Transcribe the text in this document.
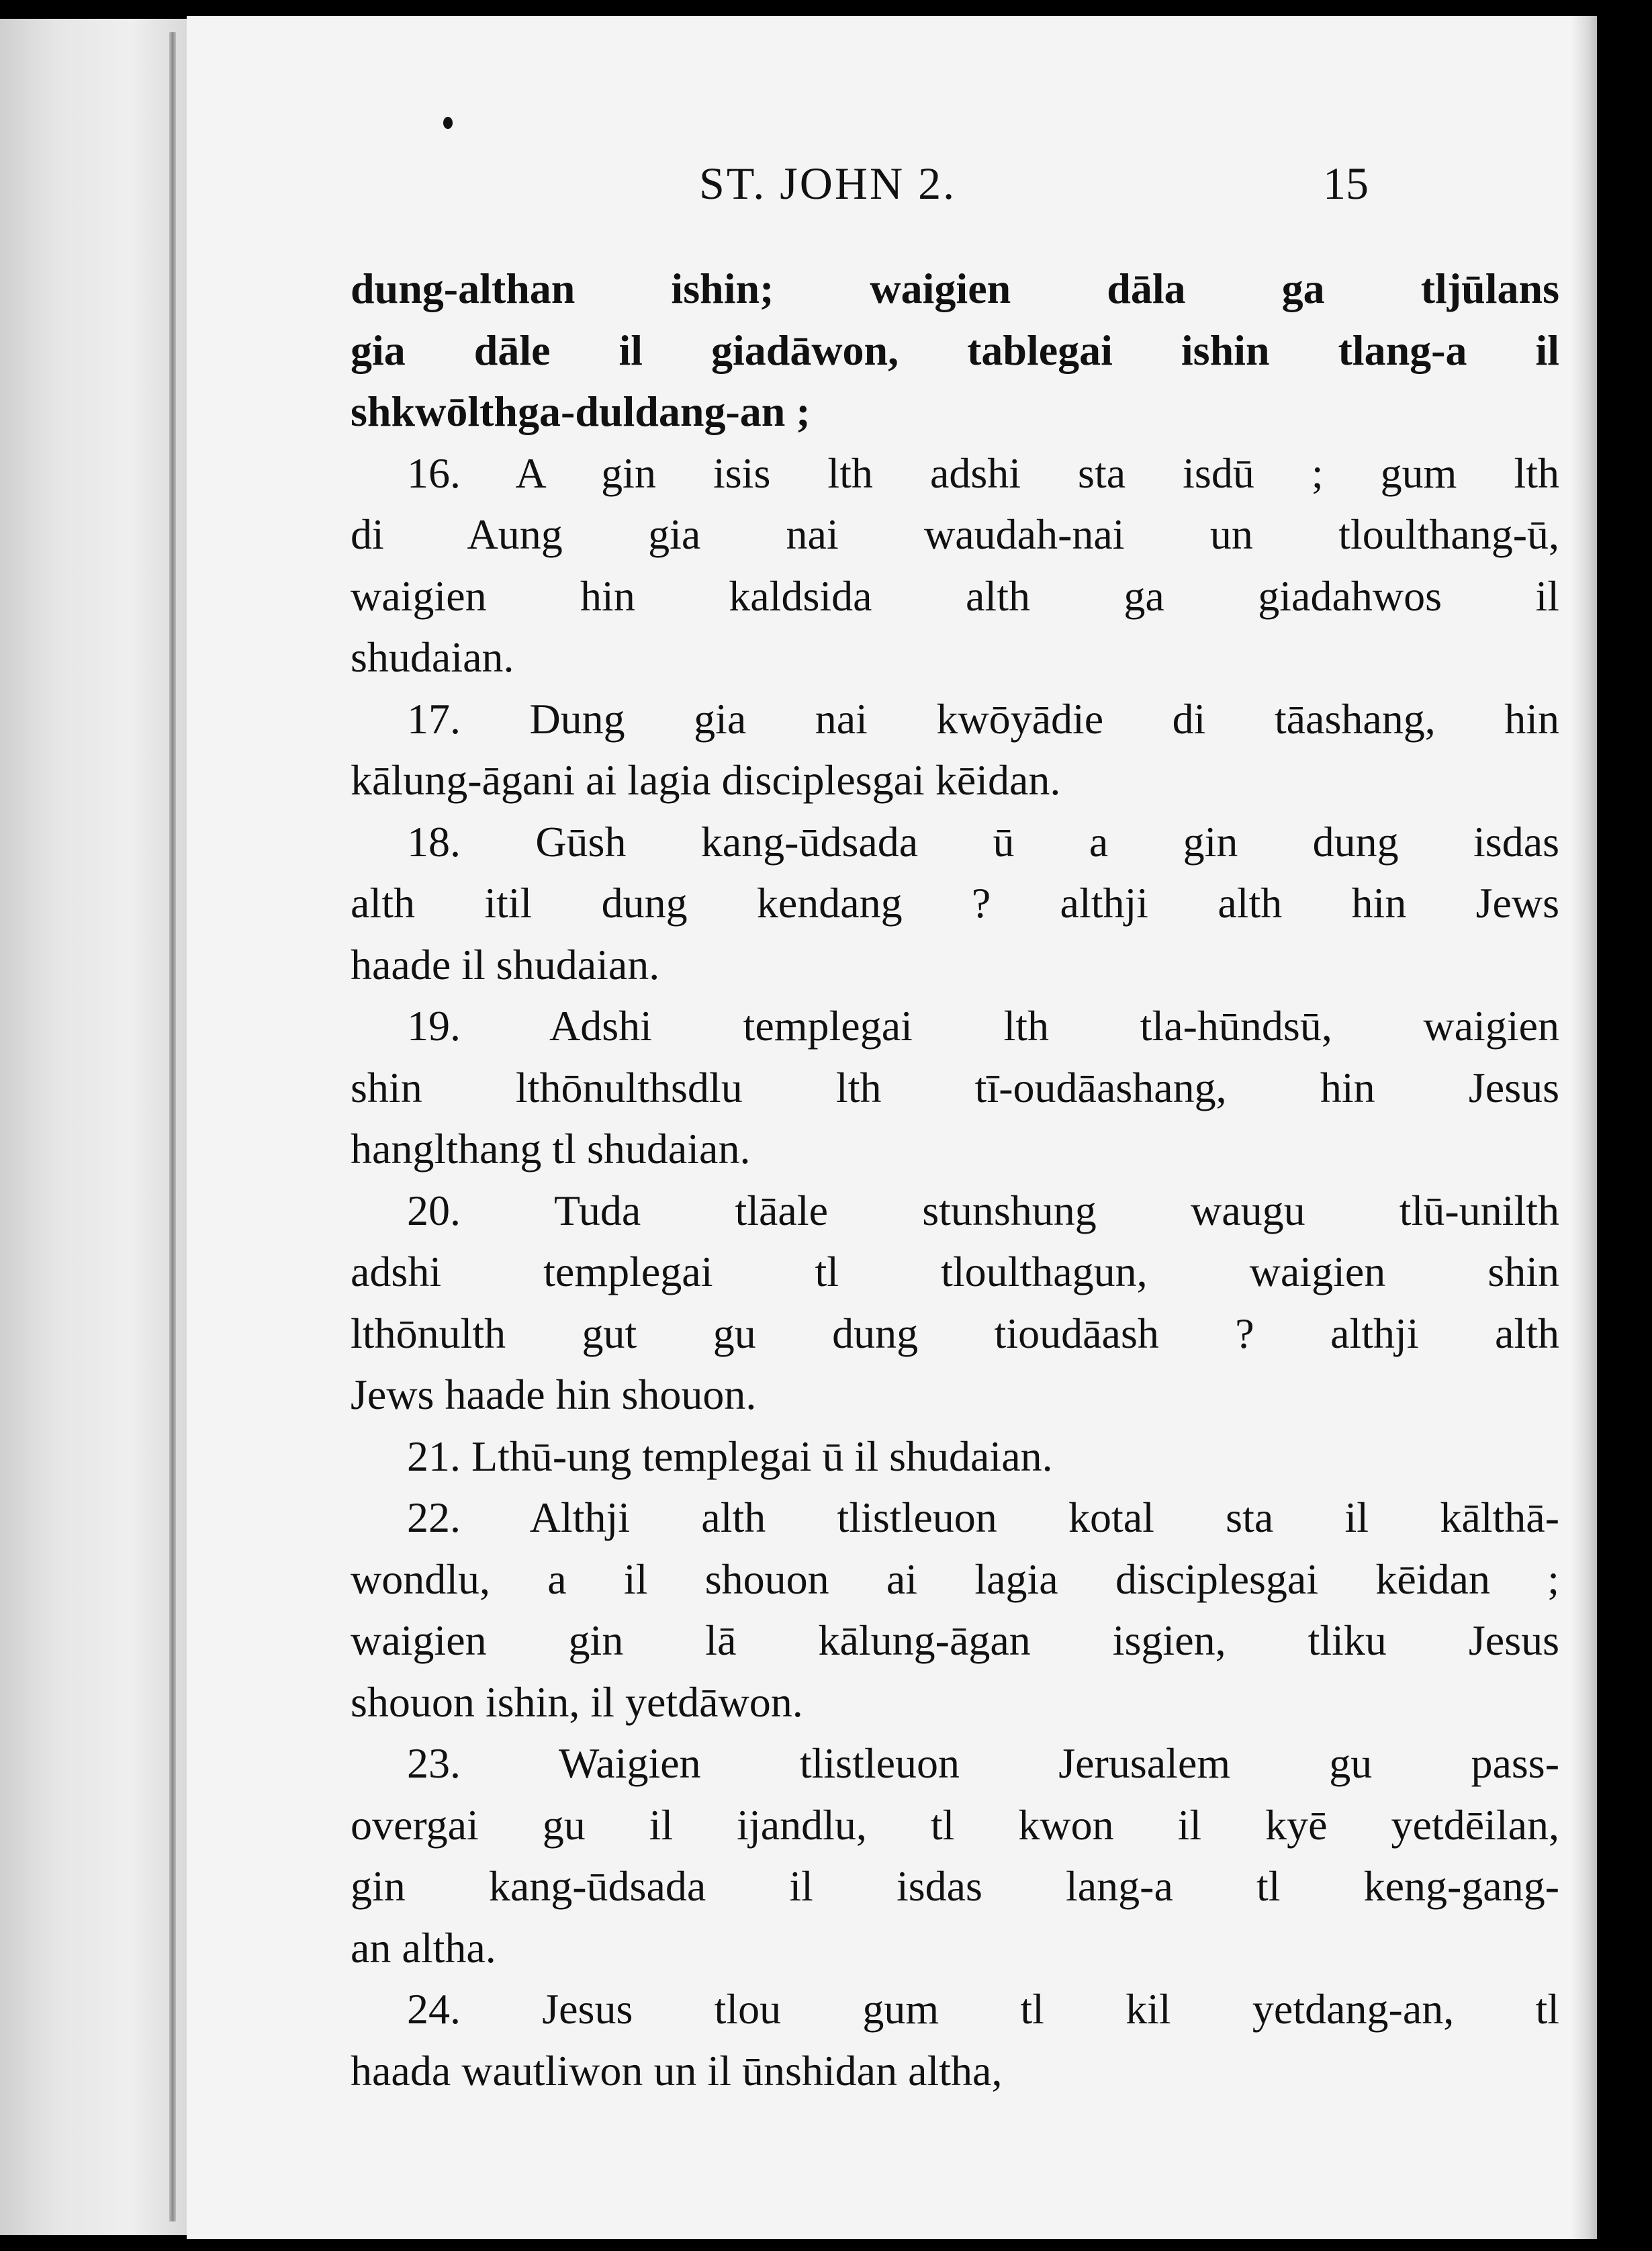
ST. JOHN 2.	15
dung-althan ishin; waigien dāla ga tljūlans
gia dāle il giadāwon, tablegai ishin tlang-a il
shkwōlthga-duldang-an ;
16. A gin isis lth adshi sta isdū ; gum lth
di Aung gia nai waudah-nai un tloulthang-ū,
waigien hin kaldsida alth ga giadahwos il
shudaian.
17. Dung gia nai kwōyādie di tāashang, hin
kālung-āgani ai lagia disciplesgai kēidan.
18. Gūsh kang-ūdsada ū a gin dung isdas
alth itil dung kendang ? althji alth hin Jews
haade il shudaian.
19. Adshi templegai lth tla-hūndsū, waigien
shin lthōnulthsdlu lth tī-oudāashang, hin Jesus
hanglthang tl shudaian.
20. Tuda tlāale stunshung waugu tlū-unilth
adshi templegai tl tloulthagun, waigien shin
lthōnulth gut gu dung tioudāash ? althji alth
Jews haade hin shouon.
21. Lthū-ung templegai ū il shudaian.
22. Althji alth tlistleuon kotal sta il kālthā-
wondlu, a il shouon ai lagia disciplesgai kēidan ;
waigien gin lā kālung-āgan isgien, tliku Jesus
shouon ishin, il yetdāwon.
23. Waigien tlistleuon Jerusalem gu pass-
overgai gu il ijandlu, tl kwon il kyē yetdēilan,
gin kang-ūdsada il isdas lang-a tl keng-gang-
an altha.
24. Jesus tlou gum tl kil yetdang-an, tl
haada wautliwon un il ūnshidan altha,
